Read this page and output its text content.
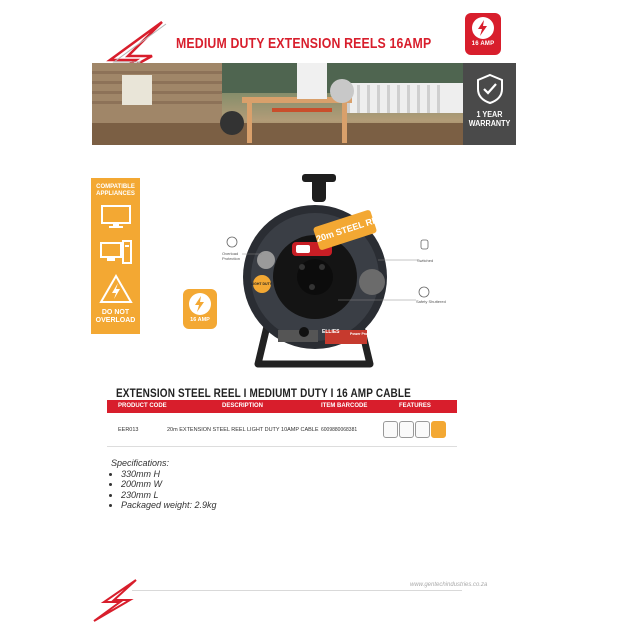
MEDIUM DUTY EXTENSION REELS 16AMP	16 AMP
1 YEAR
WARRANTY
COMPATIBLE
APPLIANCES

DO NOT
OVERLOAD	16 AMP
20m STEEL REEL
LIGHT DUTY
ELLIES	Power Protected
Overload Protection	Switched
Safety Shuttered
EXTENSION STEEL REEL I MEDIUMT DUTY I 16 AMP CABLE
PRODUCT CODE	DESCRIPTION	ITEM BARCODE	FEATURES
EER013	20m EXTENSION STEEL REEL LIGHT DUTY 10AMP CABLE 6009880068381
Specifications:
• 330mm H
• 200mm W
• 230mm L
• Packaged weight: 2.9kg
www.gentechindustries.co.za
